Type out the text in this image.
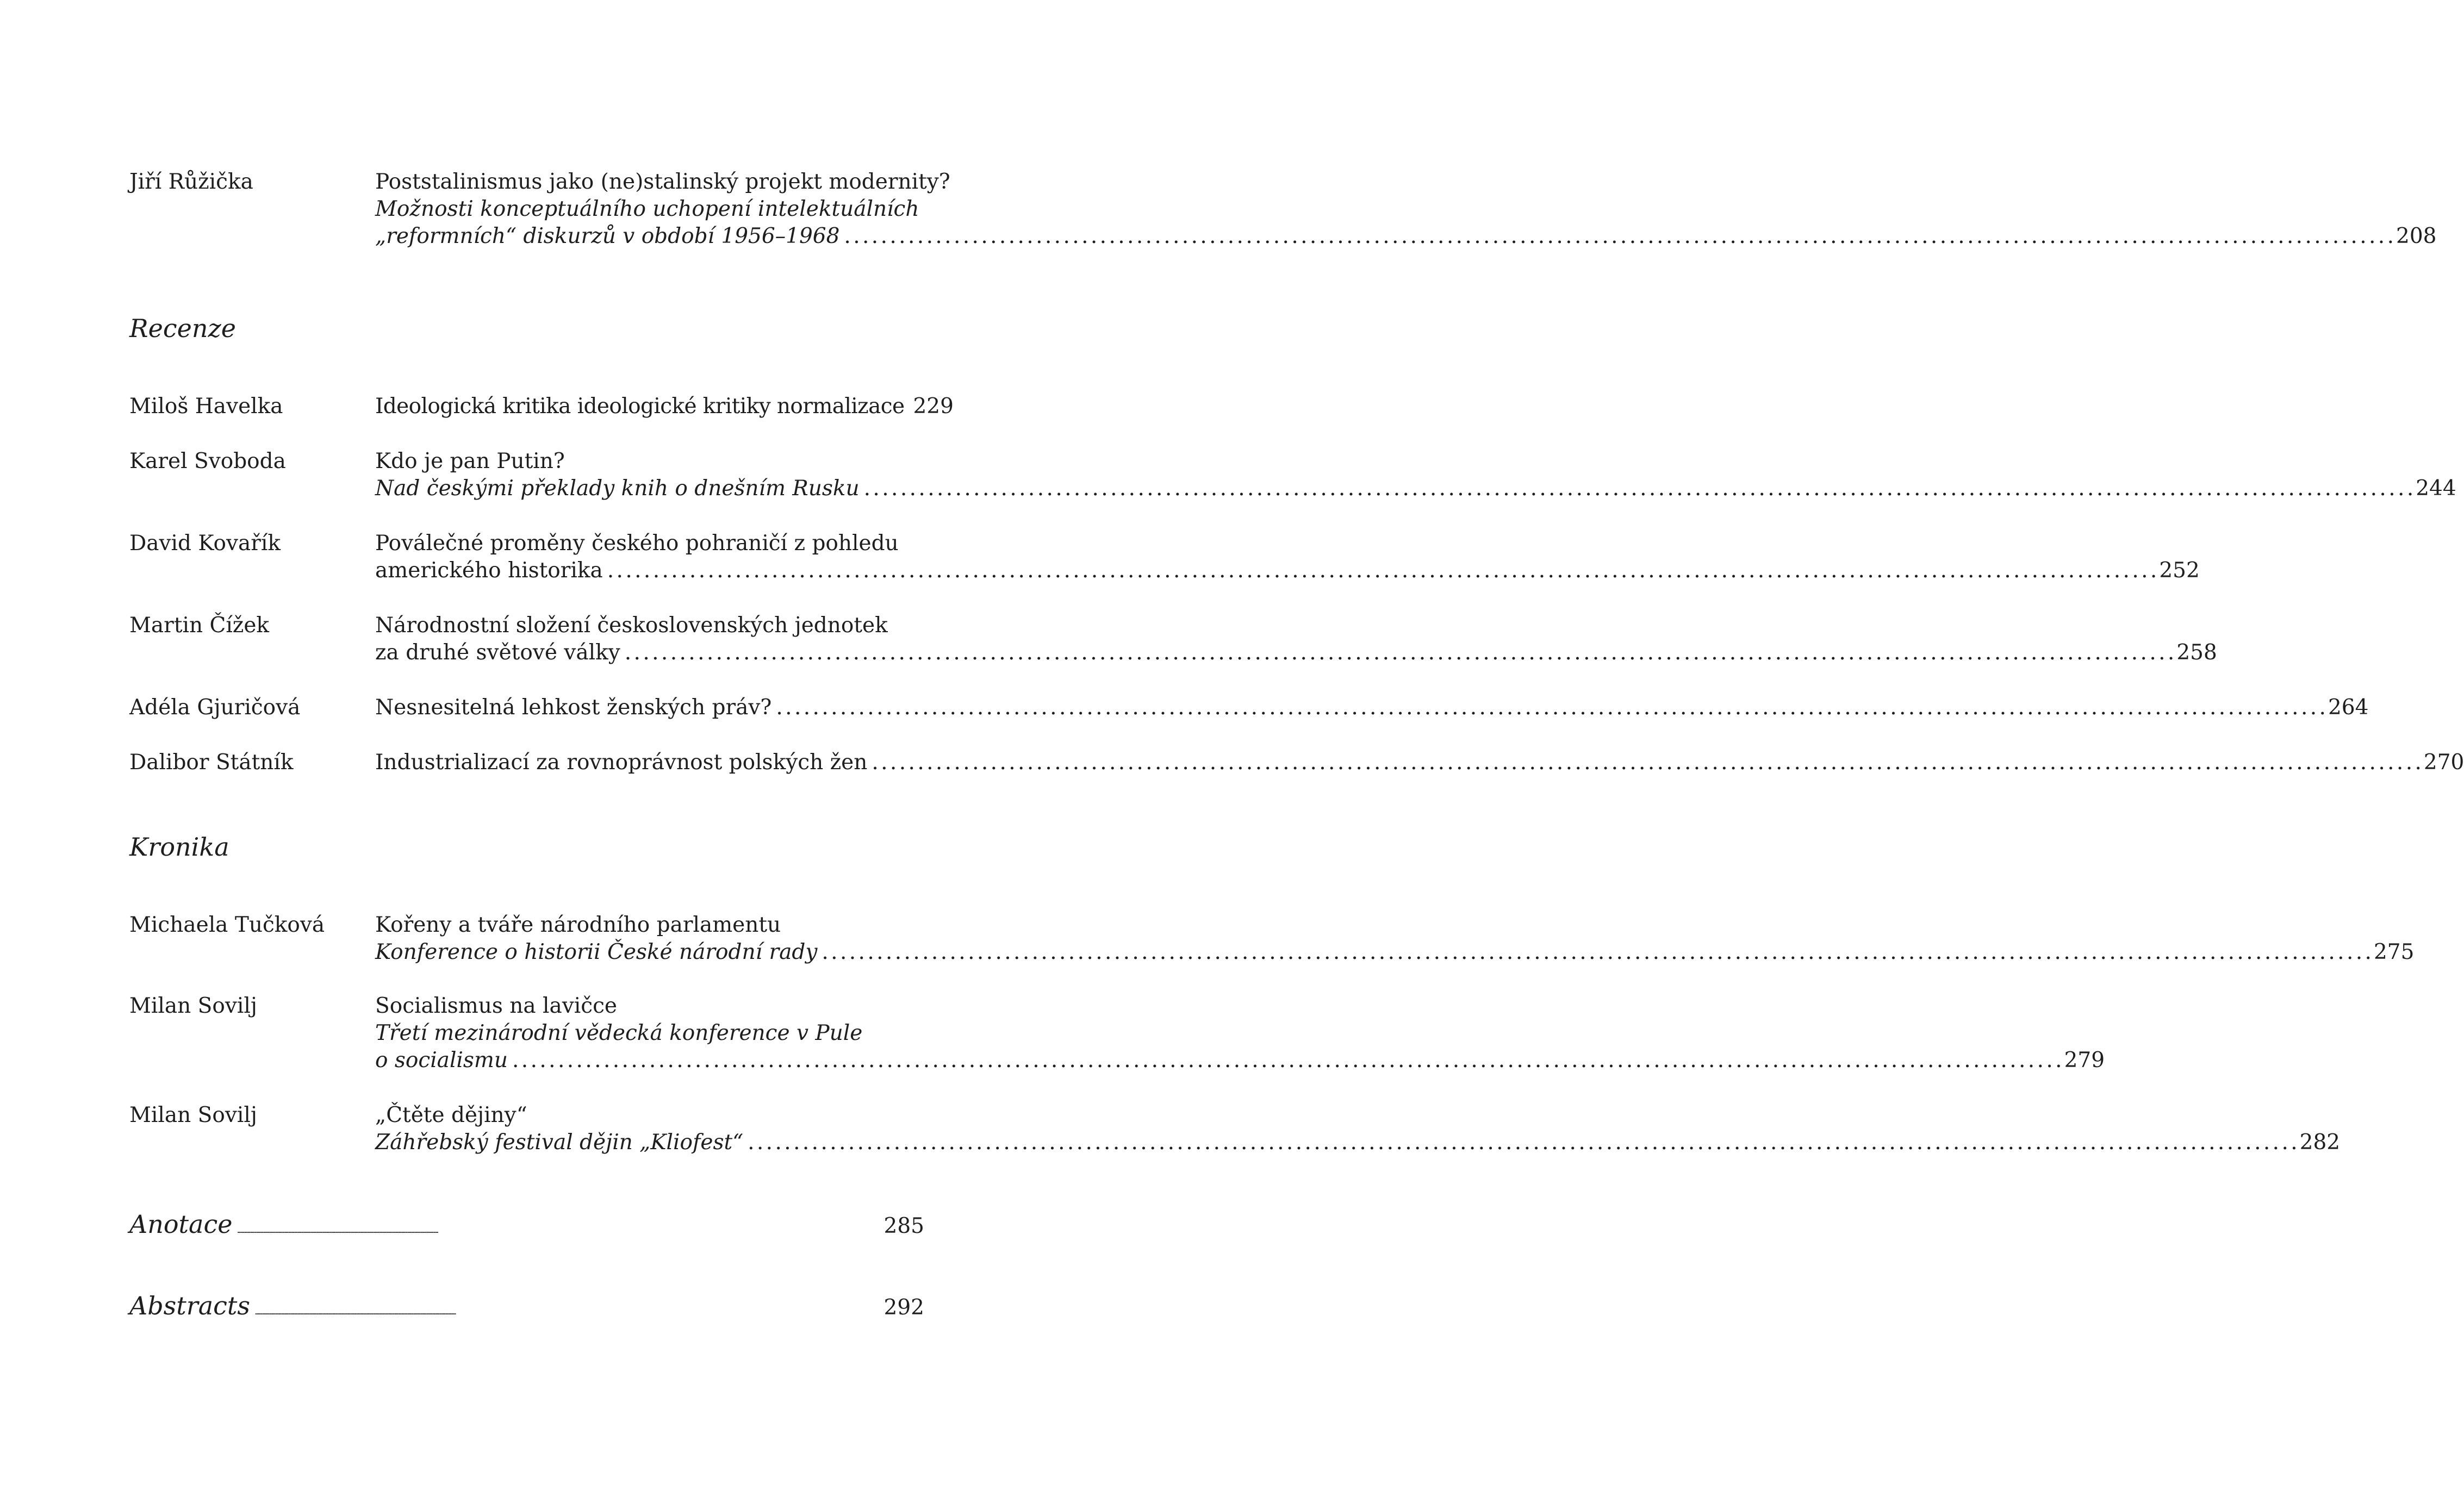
Jiří Růžička	Poststalinismus jako (ne)stalinský projekt modernity?
Možnosti konceptuálního uchopení intelektuálních
„reformních“ diskurzů v období 1956–1968 . . .	208
Recenze
Miloš Havelka	Ideologická kritika ideologické kritiky normalizace 229
Karel Svoboda	Kdo je pan Putin?
Nad českými překlady knih o dnešním Rusku . . .	244
David Kovařík	Poválečné proměny českého pohraničí z pohledu
amerického historika . . .	252
Martin Čížek	Národnostní složení československých jednotek
za druhé světové války . . .	258
Adéla Gjuričová	Nesnesitelná lehkost ženských práv? . . .	264
Dalibor Státník	Industrializací za rovnoprávnost polských žen . . .	270
Kronika
Michaela Tučková Kořeny a tváře národního parlamentu
Konference o historii České národní rady . . .	275
Milan Sovilj	Socialismus na lavičce
Třetí mezinárodní vědecká konference v Pule
o socialismu . . .	279
Milan Sovilj	„Čtěte dějiny“
Záhřebský festival dějin „Kliofest“ . . .	282
Anotace . . .	285
Abstracts . . .	292
